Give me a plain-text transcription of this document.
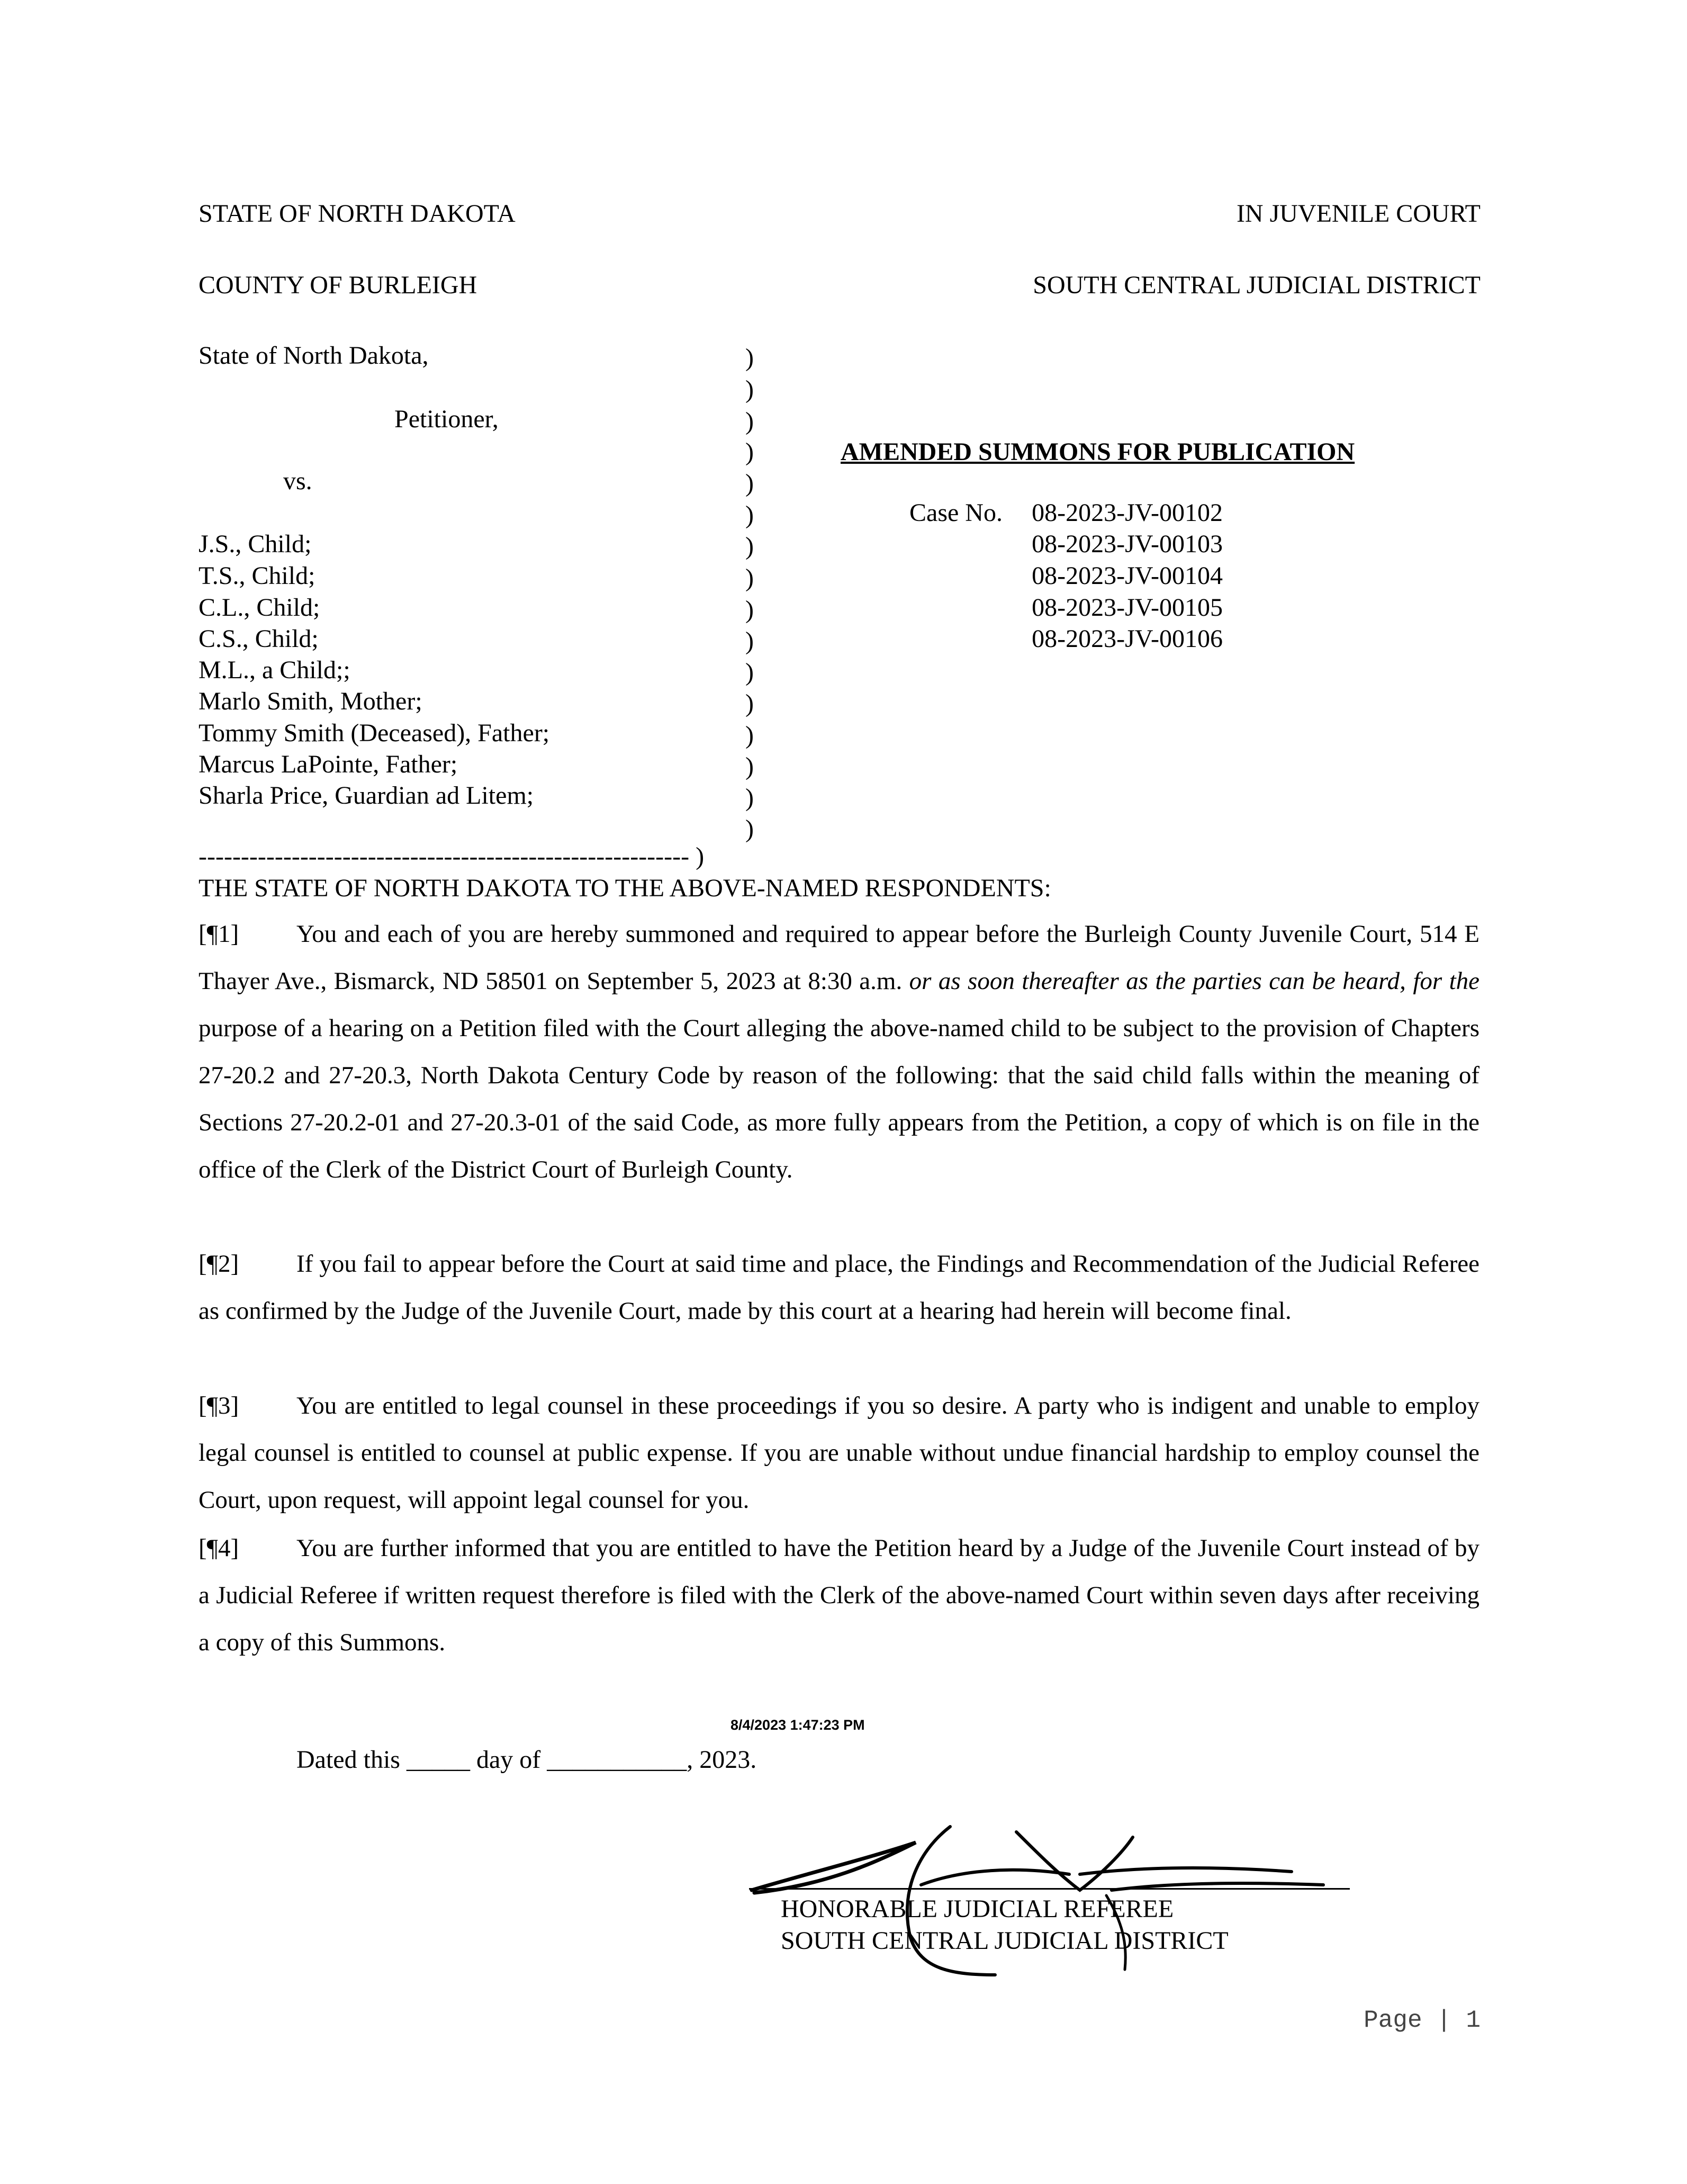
STATE OF NORTH DAKOTA	IN JUVENILE COURT
COUNTY OF BURLEIGH	SOUTH CENTRAL JUDICIAL DISTRICT
State of North Dakota,
Petitioner,
vs.
J.S., Child;
T.S., Child;
C.L., Child;
C.S., Child;
M.L., a Child;;
Marlo Smith, Mother;
Tommy Smith (Deceased), Father;
Marcus LaPointe, Father;
Sharla Price, Guardian ad Litem;
)
)
)
)
)
)
)
)
)
)
)
)
)
)
)
)
---------------------------------------------------------- )
AMENDED SUMMONS FOR PUBLICATION
Case No. 08-2023-JV-00102
08-2023-JV-00103
08-2023-JV-00104
08-2023-JV-00105
08-2023-JV-00106
THE STATE OF NORTH DAKOTA TO THE ABOVE-NAMED RESPONDENTS:
[¶1] You and each of you are hereby summoned and required to appear before the Burleigh County Juvenile Court, 514 E Thayer Ave., Bismarck, ND 58501 on September 5, 2023 at 8:30 a.m. or as soon thereafter as the parties can be heard, for the purpose of a hearing on a Petition filed with the Court alleging the above-named child to be subject to the provision of Chapters 27-20.2 and 27-20.3, North Dakota Century Code by reason of the following: that the said child falls within the meaning of Sections 27-20.2-01 and 27-20.3-01 of the said Code, as more fully appears from the Petition, a copy of which is on file in the office of the Clerk of the District Court of Burleigh County.
[¶2] If you fail to appear before the Court at said time and place, the Findings and Recommendation of the Judicial Referee as confirmed by the Judge of the Juvenile Court, made by this court at a hearing had herein will become final.
[¶3] You are entitled to legal counsel in these proceedings if you so desire. A party who is indigent and unable to employ legal counsel is entitled to counsel at public expense. If you are unable without undue financial hardship to employ counsel the Court, upon request, will appoint legal counsel for you.
[¶4] You are further informed that you are entitled to have the Petition heard by a Judge of the Juvenile Court instead of by a Judicial Referee if written request therefore is filed with the Clerk of the above-named Court within seven days after receiving a copy of this Summons.
8/4/2023 1:47:23 PM
Dated this _____ day of ___________, 2023.
HONORABLE JUDICIAL REFEREE
SOUTH CENTRAL JUDICIAL DISTRICT
Page | 1
